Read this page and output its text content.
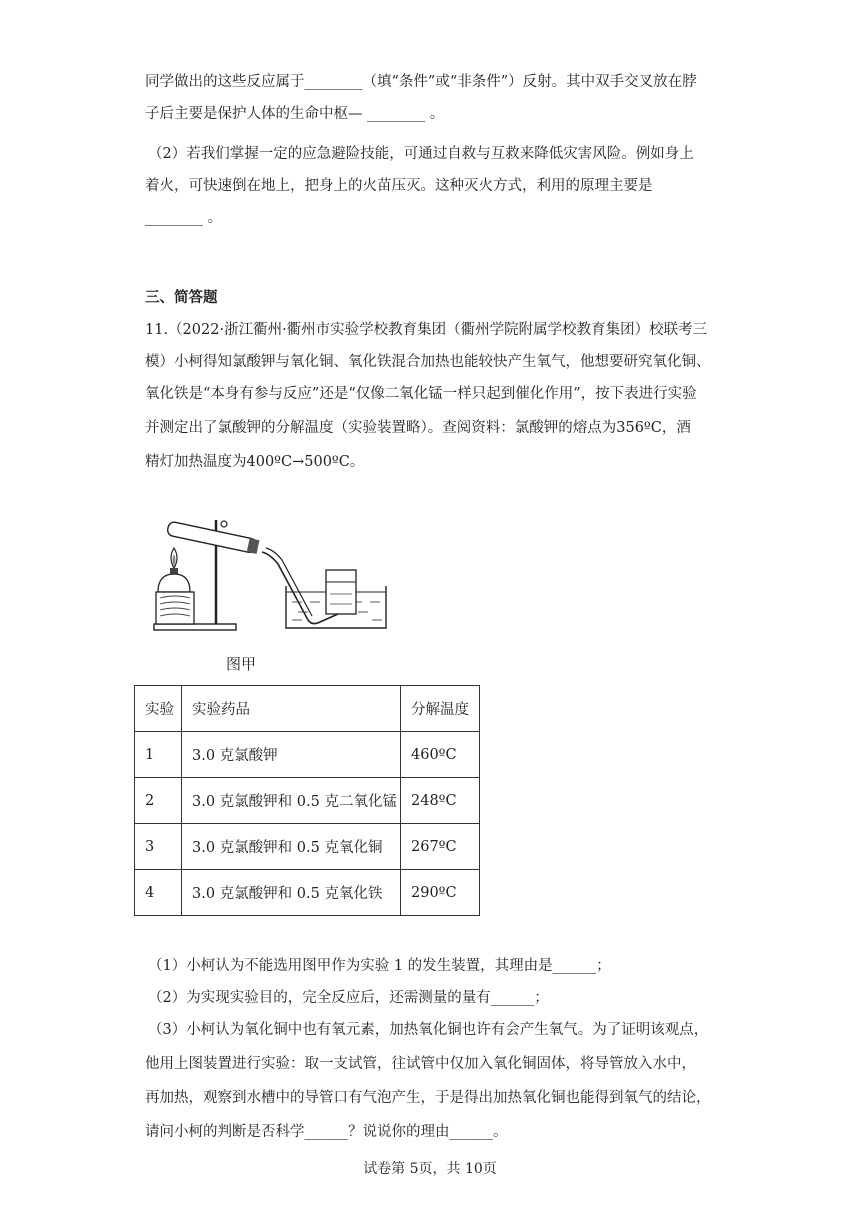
同学做出的这些反应属于________（填“条件”或“非条件”）反射。其中双手交叉放在脖
子后主要是保护人体的生命中枢— ________ 。
（2）若我们掌握一定的应急避险技能，可通过自救与互救来降低灾害风险。例如身上
着火，可快速倒在地上，把身上的火苗压灭。这种灭火方式，利用的原理主要是
________ 。
三、简答题
11.（2022·浙江衢州·衢州市实验学校教育集团（衢州学院附属学校教育集团）校联考三
模）小柯得知氯酸钾与氧化铜、氧化铁混合加热也能较快产生氧气，他想要研究氧化铜、
氧化铁是“本身有参与反应”还是“仅像二氧化锰一样只起到催化作用”，按下表进行实验
并测定出了氯酸钾的分解温度（实验装置略）。查阅资料：氯酸钾的熔点为356ºC，酒
精灯加热温度为400ºC→500ºC。
图甲
实验	实验药品	分解温度
1	3.0 克氯酸钾	460ºC
2	3.0 克氯酸钾和 0.5 克二氧化锰	248ºC
3	3.0 克氯酸钾和 0.5 克氧化铜	267ºC
4	3.0 克氯酸钾和 0.5 克氧化铁	290ºC
（1）小柯认为不能选用图甲作为实验 1 的发生装置，其理由是______；
（2）为实现实验目的，完全反应后，还需测量的量有______；
（3）小柯认为氧化铜中也有氧元素，加热氧化铜也许有会产生氧气。为了证明该观点，
他用上图装置进行实验：取一支试管，往试管中仅加入氧化铜固体，将导管放入水中，
再加热，观察到水槽中的导管口有气泡产生，于是得出加热氧化铜也能得到氧气的结论，
请问小柯的判断是否科学______？说说你的理由______。
试卷第 5页，共 10页
